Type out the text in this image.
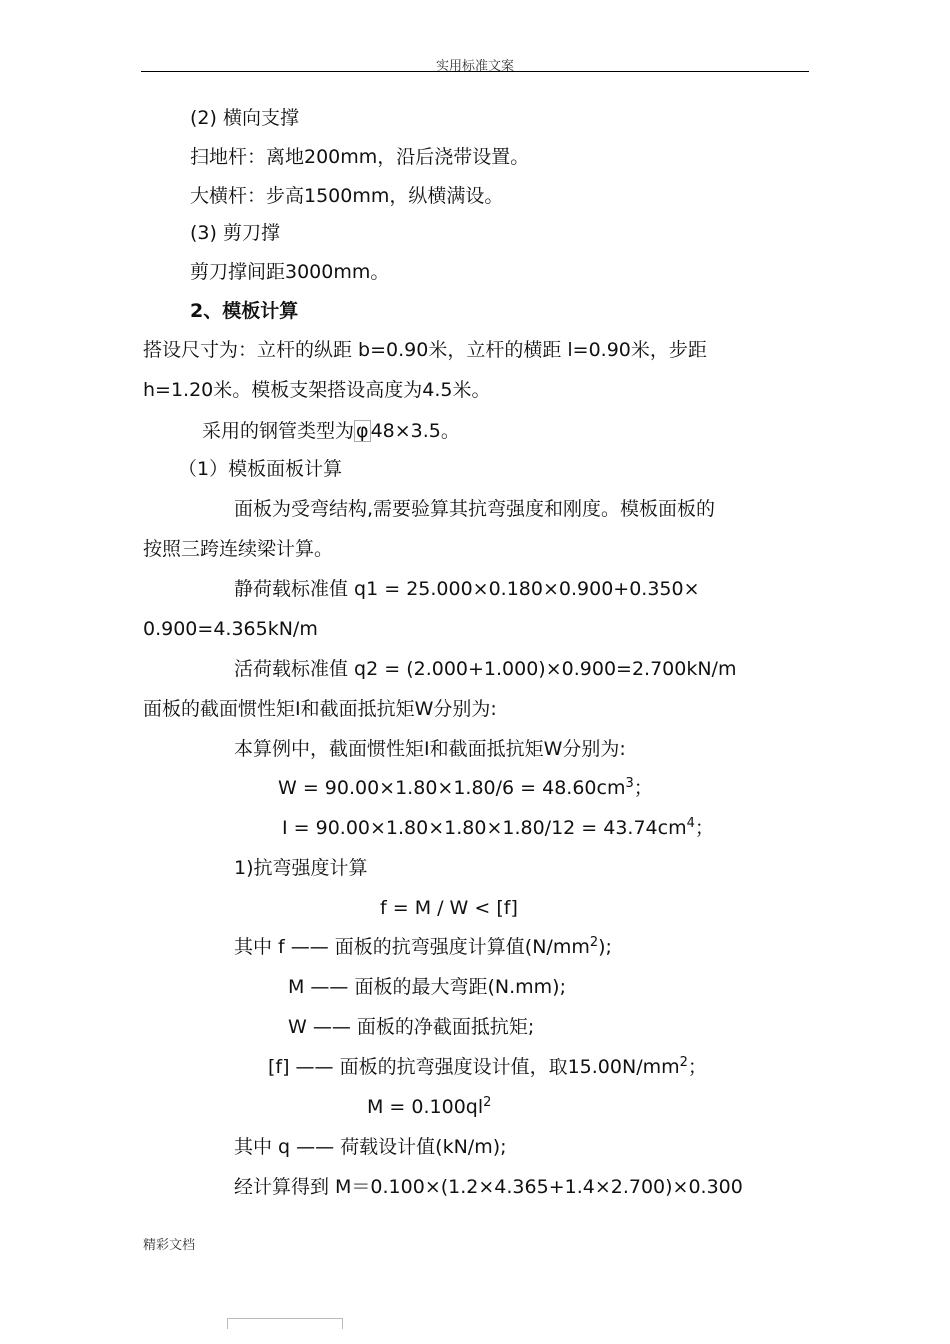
实用标准文案
(2) 横向支撑
扫地杆：离地200mm，沿后浇带设置。
大横杆：步高1500mm，纵横满设。
(3) 剪刀撑
剪刀撑间距3000mm。
2、模板计算
搭设尺寸为：立杆的纵距 b=0.90米，立杆的横距 l=0.90米，步距
h=1.20米。模板支架搭设高度为4.5米。
采用的钢管类型为 φ 48×3.5。
（1）模板面板计算
面板为受弯结构,需要验算其抗弯强度和刚度。模板面板的
按照三跨连续梁计算。
静荷载标准值 q1 = 25.000×0.180×0.900+0.350×
0.900=4.365kN/m
活荷载标准值 q2 = (2.000+1.000)×0.900=2.700kN/m
面板的截面惯性矩I和截面抵抗矩W分别为:
本算例中，截面惯性矩I和截面抵抗矩W分别为:
$W = 90.00\times 1.80\times 1.80/6 = 48.60cm^3$；
$I = 90.00\times 1.80\times 1.80\times 1.80/12 = 43.74cm^4$；
1)抗弯强度计算
f = M / W < [f]
其中 f —— 面板的抗弯强度计算值$(N/mm^2)$;
M —— 面板的最大弯距(N.mm);
W —— 面板的净截面抵抗矩;
[f] —— 面板的抗弯强度设计值，取$15.00N/mm^2$；
$M = 0.100ql^2$
其中 q —— 荷载设计值(kN/m);
经计算得到 M＝0.100×(1.2×4.365+1.4×2.700)×0.300
精彩文档
